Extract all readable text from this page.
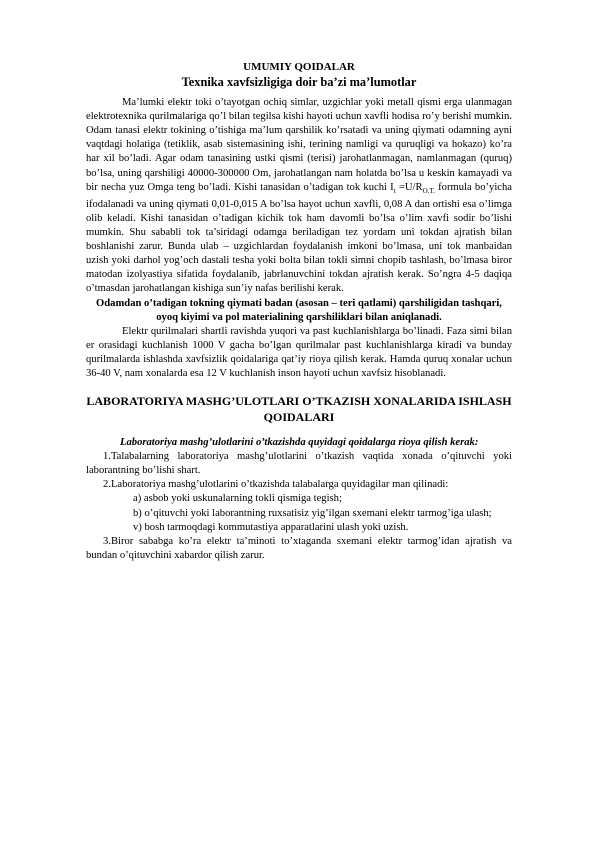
UMUMIY QOIDALAR
Texnika xavfsizligiga doir ba’zi ma’lumotlar
Ma’lumki elektr toki o’tayotgan ochiq simlar, uzgichlar yoki metall qismi erga ulanmagan elektrotexnika qurilmalariga qo’l bilan tegilsa kishi hayoti uchun xavfli hodisa ro’y berishi mumkin. Odam tanasi elektr tokining o’tishiga ma’lum qarshilik ko’rsatadi va uning qiymati odamning ayni vaqtdagi holatiga (tetiklik, asab sistemasining ishi, terining namligi va quruqligi va hokazo) ko’ra har xil bo’ladi. Agar odam tanasining ustki qismi (terisi) jarohatlanmagan, namlanmagan (quruq) bo’lsa, uning qarshiligi 40000-300000 Om, jarohatlangan nam holatda bo’lsa u keskin kamayadi va bir necha yuz Omga teng bo’ladi. Kishi tanasidan o’tadigan tok kuchi $I_t =U/R_{O.T.}$ formula bo’yicha ifodalanadi va uning qiymati 0,01-0,015 A bo’lsa hayot uchun xavfli, 0,08 A dan ortishi esa o’limga olib keladi. Kishi tanasidan o’tadigan kichik tok ham davomli bo’lsa o’lim xavfi sodir bo’lishi mumkin. Shu sababli tok ta’siridagi odamga beriladigan tez yordam uni tokdan ajratish bilan boshlanishi zarur. Bunda ulab – uzgichlardan foydalanish imkoni bo’lmasa, uni tok manbaidan uzish yoki darhol yog’och dastali tesha yoki bolta bilan tokli simni chopib tashlash, bo’lmasa biror matodan izolyastiya sifatida foydalanib, jabrlanuvchini tokdan ajratish kerak. So’ngra 4-5 daqiqa o’tmasdan jarohatlangan kishiga sun’iy nafas berilishi kerak.
Odamdan o’tadigan tokning qiymati badan (asosan – teri qatlami) qarshiligidan tashqari, oyoq kiyimi va pol materialining qarshiliklari bilan aniqlanadi.
Elektr qurilmalari shartli ravishda yuqori va past kuchlanishlarga bo’linadi. Faza simi bilan er orasidagi kuchlanish 1000 V gacha bo’lgan qurilmalar past kuchlanishlarga kiradi va bunday qurilmalarda ishlashda xavfsizlik qoidalariga qat’iy rioya qilish kerak. Hamda quruq xonalar uchun 36-40 V, nam xonalarda esa 12 V kuchlanish inson hayoti uchun xavfsiz hisoblanadi.
LABORATORIYA MASHG’ULOTLARI O’TKAZISH XONALARIDA ISHLASH QOIDALARI
Laboratoriya mashg’ulotlarini o’tkazishda quyidagi qoidalarga rioya qilish kerak:
1.Talabalarning laboratoriya mashg’ulotlarini o’tkazish vaqtida xonada o’qituvchi yoki laborantning bo’lishi shart.
2.Laboratoriya mashg’ulotlarini o’tkazishda talabalarga quyidagilar man qilinadi:
a) asbob yoki uskunalarning tokli qismiga tegish;
b) o’qituvchi yoki laborantning ruxsatisiz yig’ilgan sxemani elektr tarmog’iga ulash;
v) bosh tarmoqdagi kommutastiya apparatlarini ulash yoki uzish.
3.Biror sababga ko’ra elektr ta’minoti to’xtaganda sxemani elektr tarmog’idan ajratish va bundan o’qituvchini xabardor qilish zarur.
